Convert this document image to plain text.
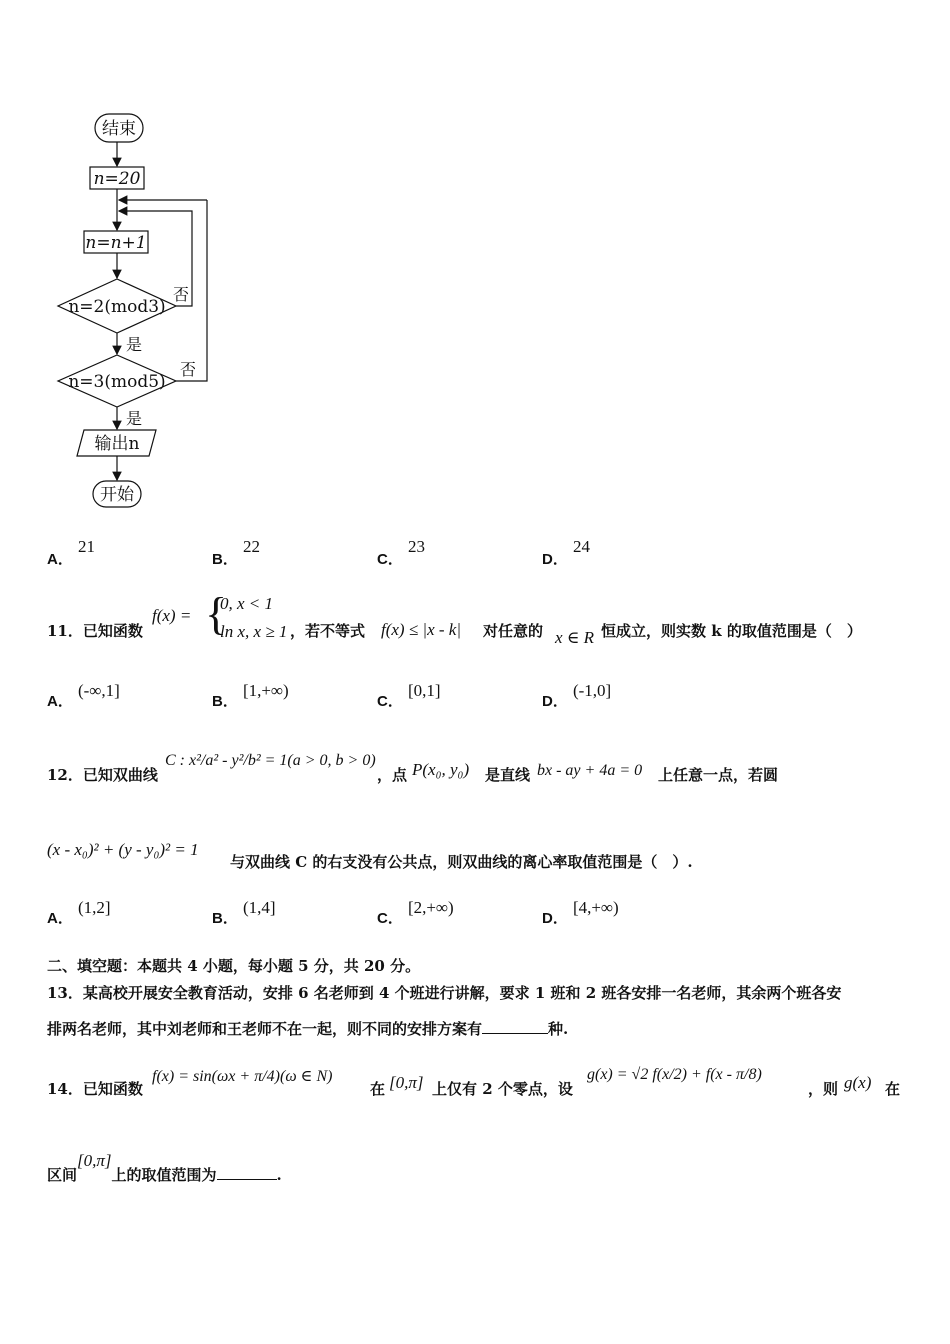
结束
n=20
n=n+1
n=2(mod3)
否
是
n=3(mod5)
否
是
输出n
开始
A． 21
B． 22
C． 23
D． 24
11．已知函数
f(x) = {
0, x < 1
ln x, x ≥ 1 ，若不等式 f(x) ≤ |x - k| 对任意的 x ∈ R 恒成立，则实数 k 的取值范围是（　）
A． (-∞,1]
B． [1,+∞)
C． [0,1]
D． (-1,0]
12．已知双曲线
C : x²/a² - y²/b² = 1(a > 0, b > 0)
，点 P(x₀, y₀) 是直线 bx - ay + 4a = 0 上任意一点，若圆
(x - x₀)² + (y - y₀)² = 1
与双曲线 C 的右支没有公共点，则双曲线的离心率取值范围是（　）.
A． (1,2]
B． (1,4]
C． [2,+∞)
D． [4,+∞)
二、填空题：本题共 4 小题，每小题 5 分，共 20 分。
13．某高校开展安全教育活动，安排 6 名老师到 4 个班进行讲解，要求 1 班和 2 班各安排一名老师，其余两个班各安
排两名老师，其中刘老师和王老师不在一起，则不同的安排方案有	种.
14．已知函数
f(x) = sin(ωx + π/4)(ω ∈ N)
在 [0,π] 上仅有 2 个零点，设
g(x) = √2 f(x/2) + f(x - π/8)
，则 g(x) 在
区间[0,π]上的取值范围为	.
